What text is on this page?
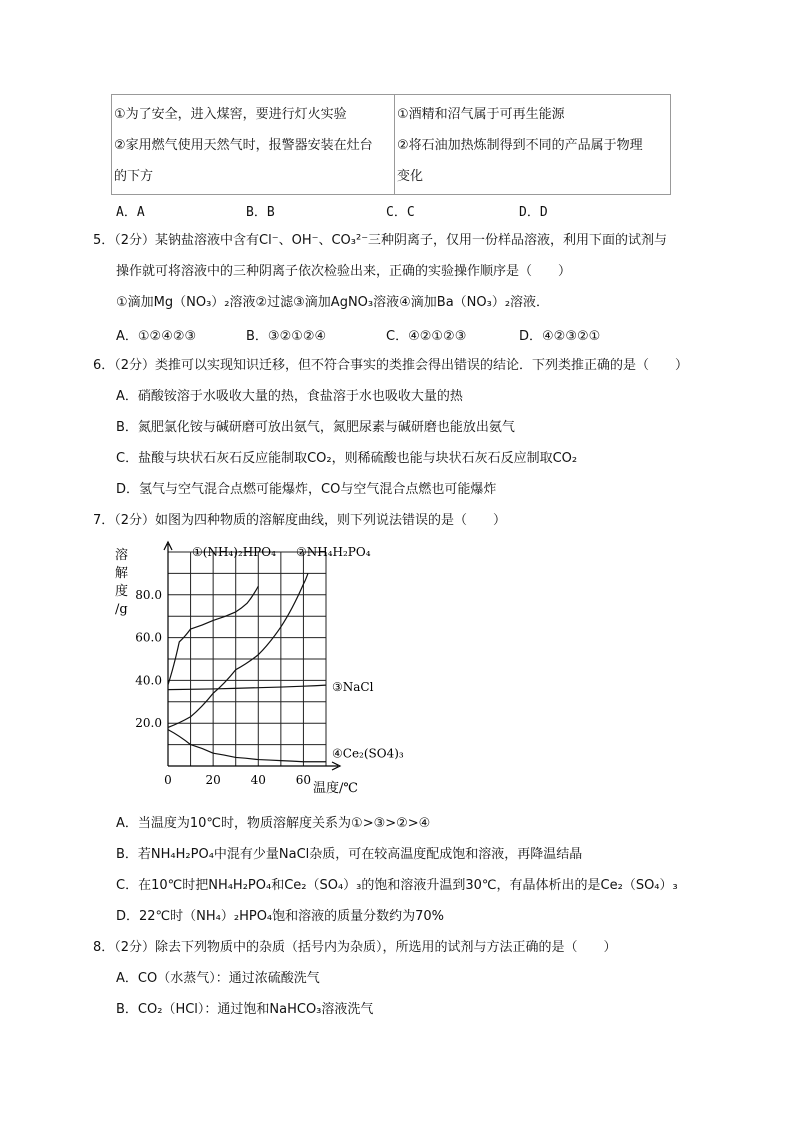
①为了安全，进入煤窖，要进行灯火实验
②家用燃气使用天然气时，报警器安装在灶台
的下方

①酒精和沼气属于可再生能源
②将石油加热炼制得到不同的产品属于物理
变化
A．A	B．B	C．C	D．D
5．（2分）某钠盐溶液中含有Cl⁻、OH⁻、CO₃²⁻三种阴离子，仅用一份样品溶液，利用下面的试剂与
操作就可将溶液中的三种阴离子依次检验出来，正确的实验操作顺序是（　　）
①滴加Mg（NO₃）₂溶液②过滤③滴加AgNO₃溶液④滴加Ba（NO₃）₂溶液．
A．①②④②③	B．③②①②④	C．④②①②③	D．④②③②①
6．（2分）类推可以实现知识迁移，但不符合事实的类推会得出错误的结论．下列类推正确的是（　　）
A．硝酸铵溶于水吸收大量的热，食盐溶于水也吸收大量的热
B．氮肥氯化铵与碱研磨可放出氨气，氮肥尿素与碱研磨也能放出氨气
C．盐酸与块状石灰石反应能制取CO₂，则稀硫酸也能与块状石灰石反应制取CO₂
D．氢气与空气混合点燃可能爆炸，CO与空气混合点燃也可能爆炸
7．（2分）如图为四种物质的溶解度曲线，则下列说法错误的是（　　）
0	20 40 60
20.0
40.0
60.0
80.0
①(NH₄)₂HPO₄ ②NH₄H₂PO₄
③NaCl
④Ce₂(SO4)₃
溶
解
度
/g
温度/℃
A．当温度为10℃时，物质溶解度关系为①>③>②>④
B．若NH₄H₂PO₄中混有少量NaCl杂质，可在较高温度配成饱和溶液，再降温结晶
C．在10℃时把NH₄H₂PO₄和Ce₂（SO₄）₃的饱和溶液升温到30℃，有晶体析出的是Ce₂（SO₄）₃
D．22℃时（NH₄）₂HPO₄饱和溶液的质量分数约为70%
8．（2分）除去下列物质中的杂质（括号内为杂质），所选用的试剂与方法正确的是（　　）
A．CO（水蒸气）：通过浓硫酸洗气
B．CO₂（HCl）：通过饱和NaHCO₃溶液洗气
